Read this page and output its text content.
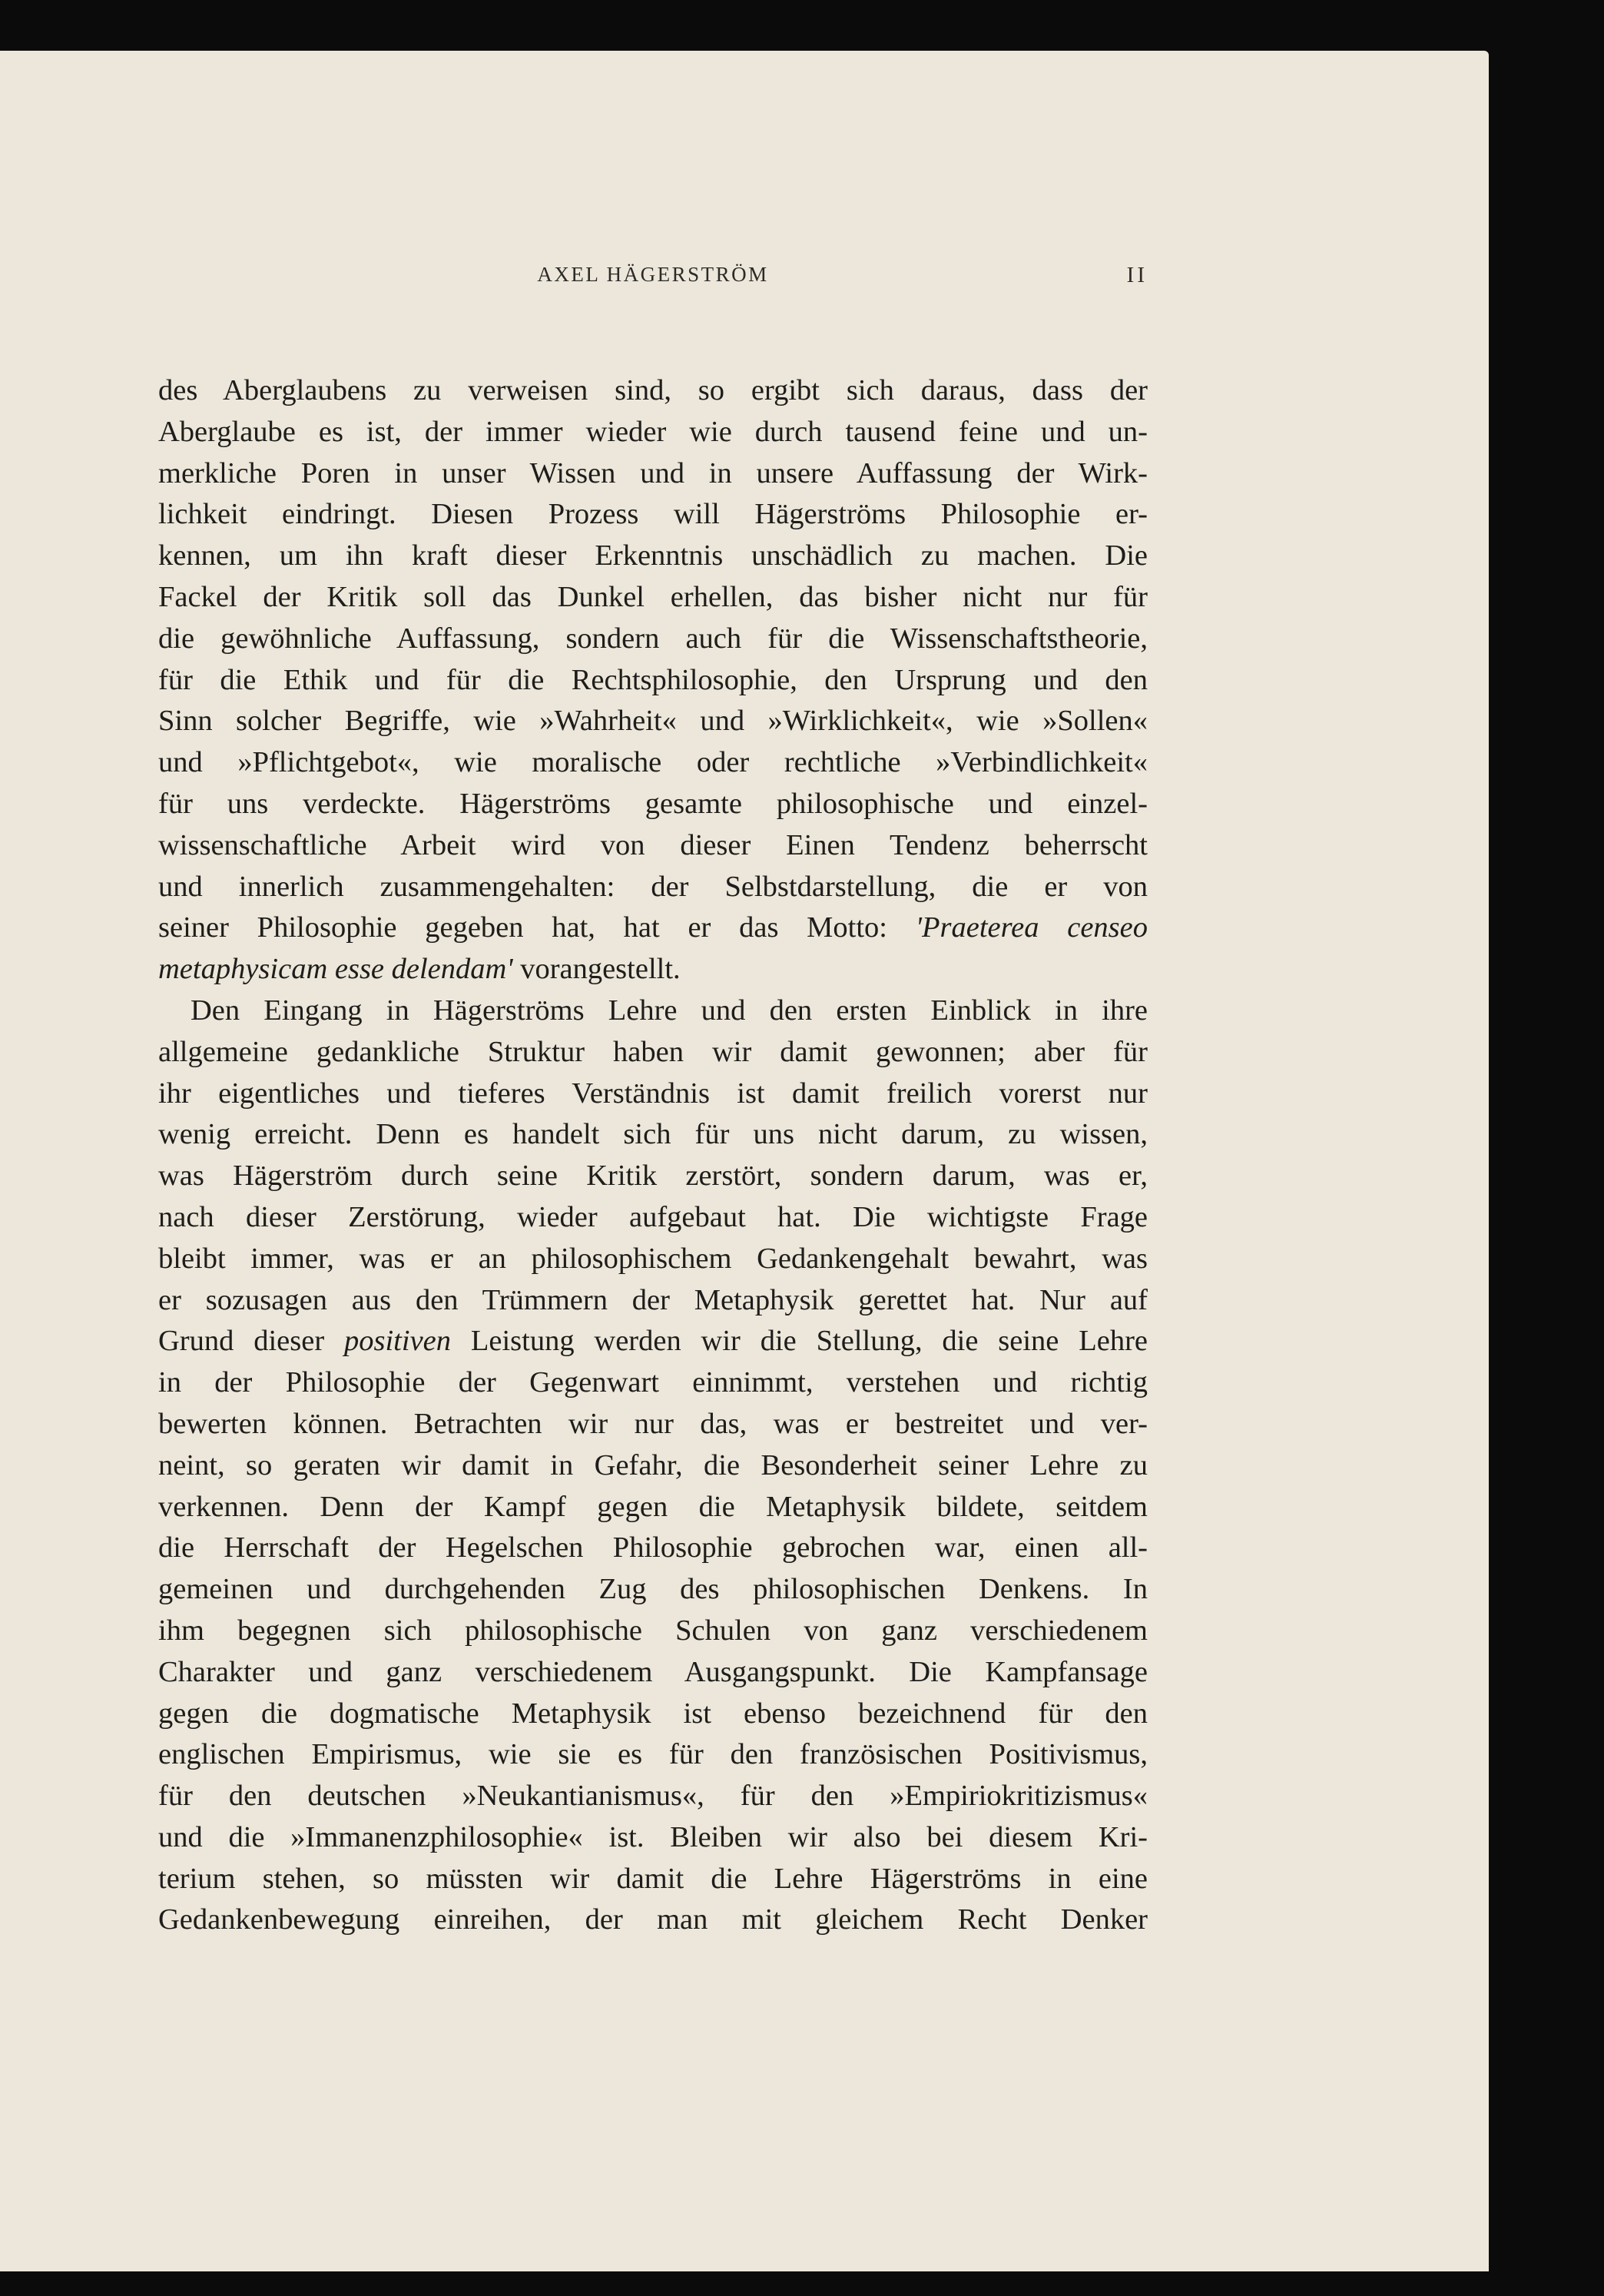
AXEL HÄGERSTRÖM	II
des Aberglaubens zu verweisen sind, so ergibt sich daraus, dass der
Aberglaube es ist, der immer wieder wie durch tausend feine und un-
merkliche Poren in unser Wissen und in unsere Auffassung der Wirk-
lichkeit eindringt. Diesen Prozess will Hägerströms Philosophie er-
kennen, um ihn kraft dieser Erkenntnis unschädlich zu machen. Die
Fackel der Kritik soll das Dunkel erhellen, das bisher nicht nur für
die gewöhnliche Auffassung, sondern auch für die Wissenschaftstheorie,
für die Ethik und für die Rechtsphilosophie, den Ursprung und den
Sinn solcher Begriffe, wie »Wahrheit« und »Wirklichkeit«, wie »Sollen«
und »Pflichtgebot«, wie moralische oder rechtliche »Verbindlichkeit«
für uns verdeckte. Hägerströms gesamte philosophische und einzel-
wissenschaftliche Arbeit wird von dieser Einen Tendenz beherrscht
und innerlich zusammengehalten: der Selbstdarstellung, die er von
seiner Philosophie gegeben hat, hat er das Motto: 'Praeterea censeo
metaphysicam esse delendam' vorangestellt.
Den Eingang in Hägerströms Lehre und den ersten Einblick in ihre
allgemeine gedankliche Struktur haben wir damit gewonnen; aber für
ihr eigentliches und tieferes Verständnis ist damit freilich vorerst nur
wenig erreicht. Denn es handelt sich für uns nicht darum, zu wissen,
was Hägerström durch seine Kritik zerstört, sondern darum, was er,
nach dieser Zerstörung, wieder aufgebaut hat. Die wichtigste Frage
bleibt immer, was er an philosophischem Gedankengehalt bewahrt, was
er sozusagen aus den Trümmern der Metaphysik gerettet hat. Nur auf
Grund dieser positiven Leistung werden wir die Stellung, die seine Lehre
in der Philosophie der Gegenwart einnimmt, verstehen und richtig
bewerten können. Betrachten wir nur das, was er bestreitet und ver-
neint, so geraten wir damit in Gefahr, die Besonderheit seiner Lehre zu
verkennen. Denn der Kampf gegen die Metaphysik bildete, seitdem
die Herrschaft der Hegelschen Philosophie gebrochen war, einen all-
gemeinen und durchgehenden Zug des philosophischen Denkens. In
ihm begegnen sich philosophische Schulen von ganz verschiedenem
Charakter und ganz verschiedenem Ausgangspunkt. Die Kampfansage
gegen die dogmatische Metaphysik ist ebenso bezeichnend für den
englischen Empirismus, wie sie es für den französischen Positivismus,
für den deutschen »Neukantianismus«, für den »Empiriokritizismus«
und die »Immanenzphilosophie« ist. Bleiben wir also bei diesem Kri-
terium stehen, so müssten wir damit die Lehre Hägerströms in eine
Gedankenbewegung einreihen, der man mit gleichem Recht Denker
